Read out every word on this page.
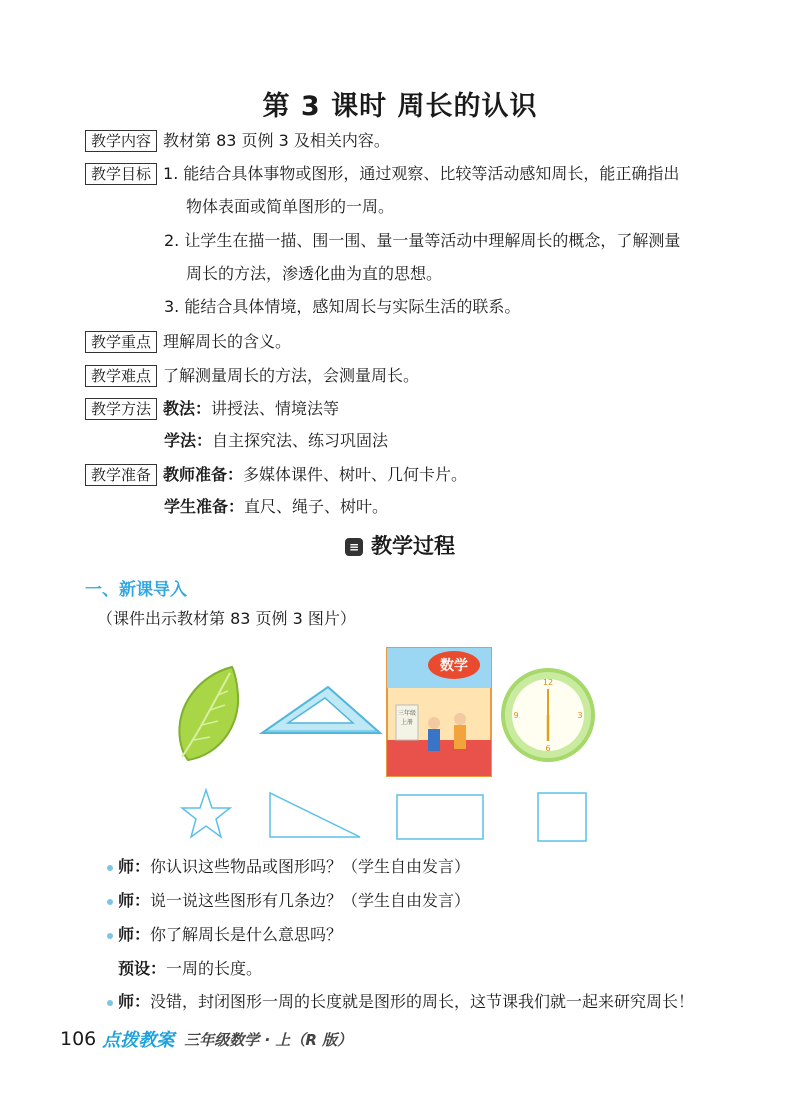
第 3 课时 周长的认识
教学内容 教材第 83 页例 3 及相关内容。
教学目标 1. 能结合具体事物或图形，通过观察、比较等活动感知周长，能正确指出
物体表面或简单图形的一周。
2. 让学生在描一描、围一围、量一量等活动中理解周长的概念，了解测量
周长的方法，渗透化曲为直的思想。
3. 能结合具体情境，感知周长与实际生活的联系。
教学重点 理解周长的含义。
教学难点 了解测量周长的方法，会测量周长。
教学方法 教法：讲授法、情境法等
学法：自主探究法、练习巩固法
教学准备 教师准备：多媒体课件、树叶、几何卡片。
学生准备：直尺、绳子、树叶。
≡ 教学过程
一、新课导入
（课件出示教材第 83 页例 3 图片）
数学
三年级
上册
12
6
3
9
师：你认识这些物品或图形吗？（学生自由发言）
师：说一说这些图形有几条边？（学生自由发言）
师：你了解周长是什么意思吗？
预设：一周的长度。
师：没错，封闭图形一周的长度就是图形的周长，这节课我们就一起来研究周长！
106 点拨教案 三年级数学 · 上（R 版）
